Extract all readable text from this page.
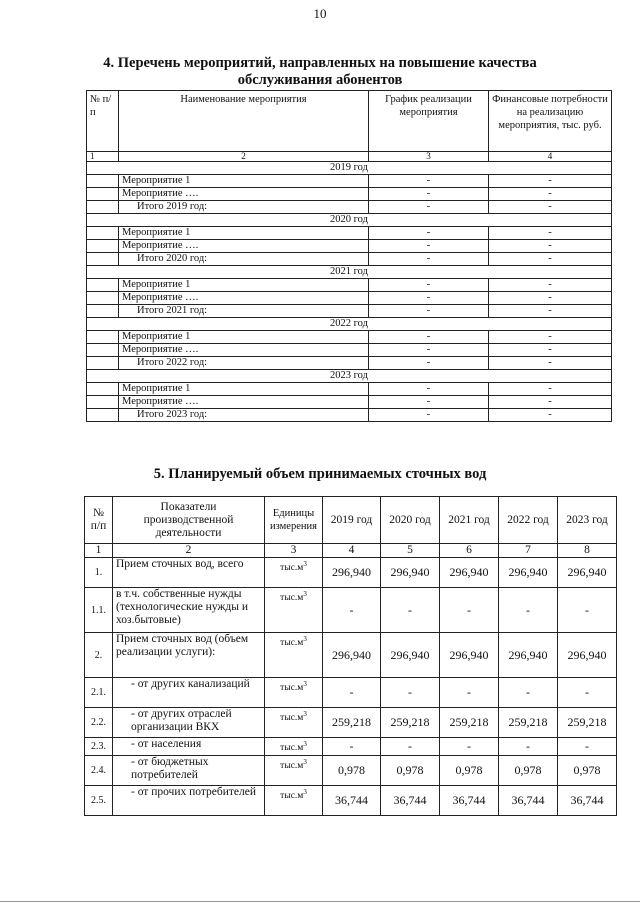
10
4. Перечень мероприятий, направленных на повышение качества
обслуживания абонентов
№ п/п	Наименование мероприятия	График реализации мероприятия	Финансовые потребности на реализацию мероприятия, тыс. руб.
1	2	3	4
2019 год			
	Мероприятие 1	-	-
	Мероприятие ….	-	-
	Итого 2019 год:	-	-
2020 год			
	Мероприятие 1	-	-
	Мероприятие ….	-	-
	Итого 2020 год:	-	-
2021 год			
	Мероприятие 1	-	-
	Мероприятие ….	-	-
	Итого 2021 год:	-	-
2022 год			
	Мероприятие 1	-	-
	Мероприятие ….	-	-
	Итого 2022 год:	-	-
2023 год			
	Мероприятие 1	-	-
	Мероприятие ….	-	-
	Итого 2023 год:	-	-
5. Планируемый объем принимаемых сточных вод
№ п/п	Показатели производственной деятельности	Единицы измерения	2019 год	2020 год	2021 год	2022 год	2023 год
1	2	3	4	5	6	7	8
1.	Прием сточных вод, всего	$тыс.м^3$	296,940	296,940	296,940	296,940	296,940
1.1.	в т.ч. собственные нужды (технологические нужды и хоз.бытовые)	$тыс.м^3$	-	-	-	-	-
2.	Прием сточных вод (объем реализации услуги):	$тыс.м^3$	296,940	296,940	296,940	296,940	296,940
2.1.	- от других канализаций	$тыс.м^3$	-	-	-	-	-
2.2.	- от других отраслей организации ВКХ	$тыс.м^3$	259,218	259,218	259,218	259,218	259,218
2.3.	- от населения	$тыс.м^3$	-	-	-	-	-
2.4.	- от бюджетных потребителей	$тыс.м^3$	0,978	0,978	0,978	0,978	0,978
2.5.	- от прочих потребителей	$тыс.м^3$	36,744	36,744	36,744	36,744	36,744
